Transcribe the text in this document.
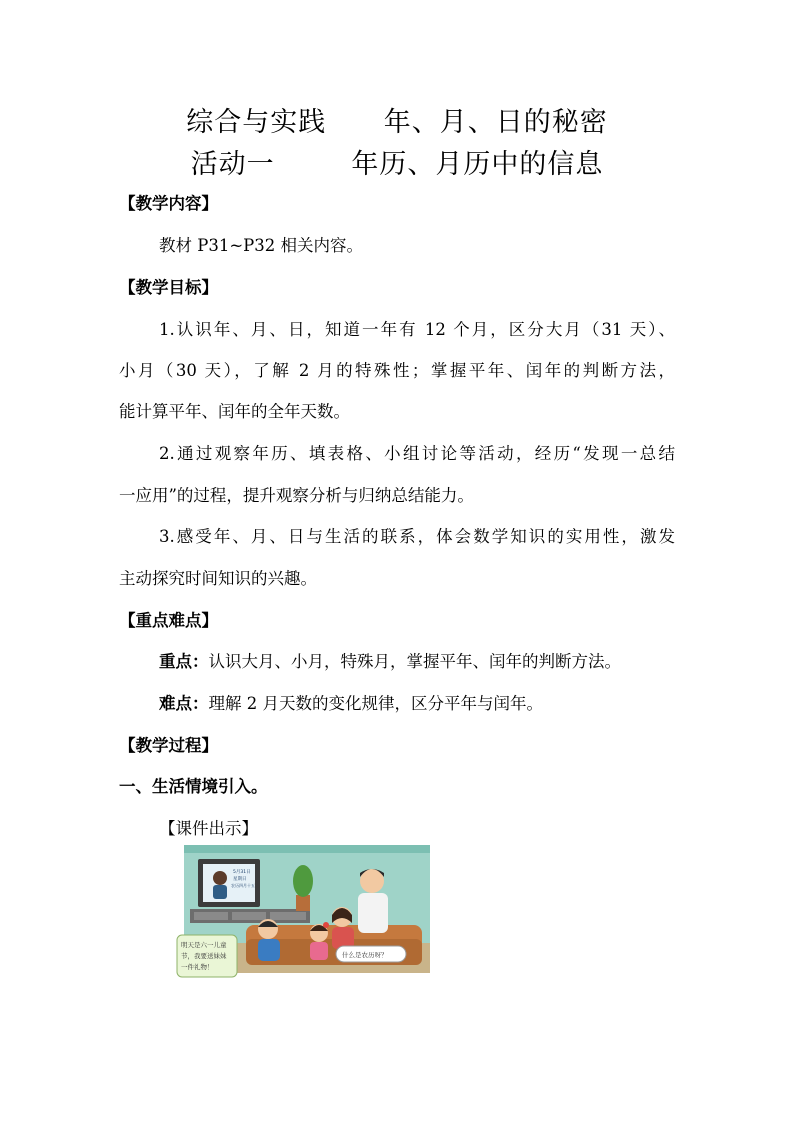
综合与实践      年、月、日的秘密
活动一        年历、月历中的信息
【教学内容】
教材 P31~P32 相关内容。
【教学目标】
1.认识年、月、日，知道一年有 12 个月，区分大月（31 天）、
小月（30 天），了解 2 月的特殊性；掌握平年、闰年的判断方法，
能计算平年、闰年的全年天数。
2.通过观察年历、填表格、小组讨论等活动，经历“发现一总结
一应用”的过程，提升观察分析与归纳总结能力。
3.感受年、月、日与生活的联系，体会数学知识的实用性，激发
主动探究时间知识的兴趣。
【重点难点】
重点：认识大月、小月，特殊月，掌握平年、闰年的判断方法。
难点：理解 2 月天数的变化规律，区分平年与闰年。
【教学过程】
一、生活情境引入。
【课件出示】
5月31日
星期日
农历四月十五
明天是六一儿童
节，我要送妹妹
一件礼物！
什么是农历呀？
